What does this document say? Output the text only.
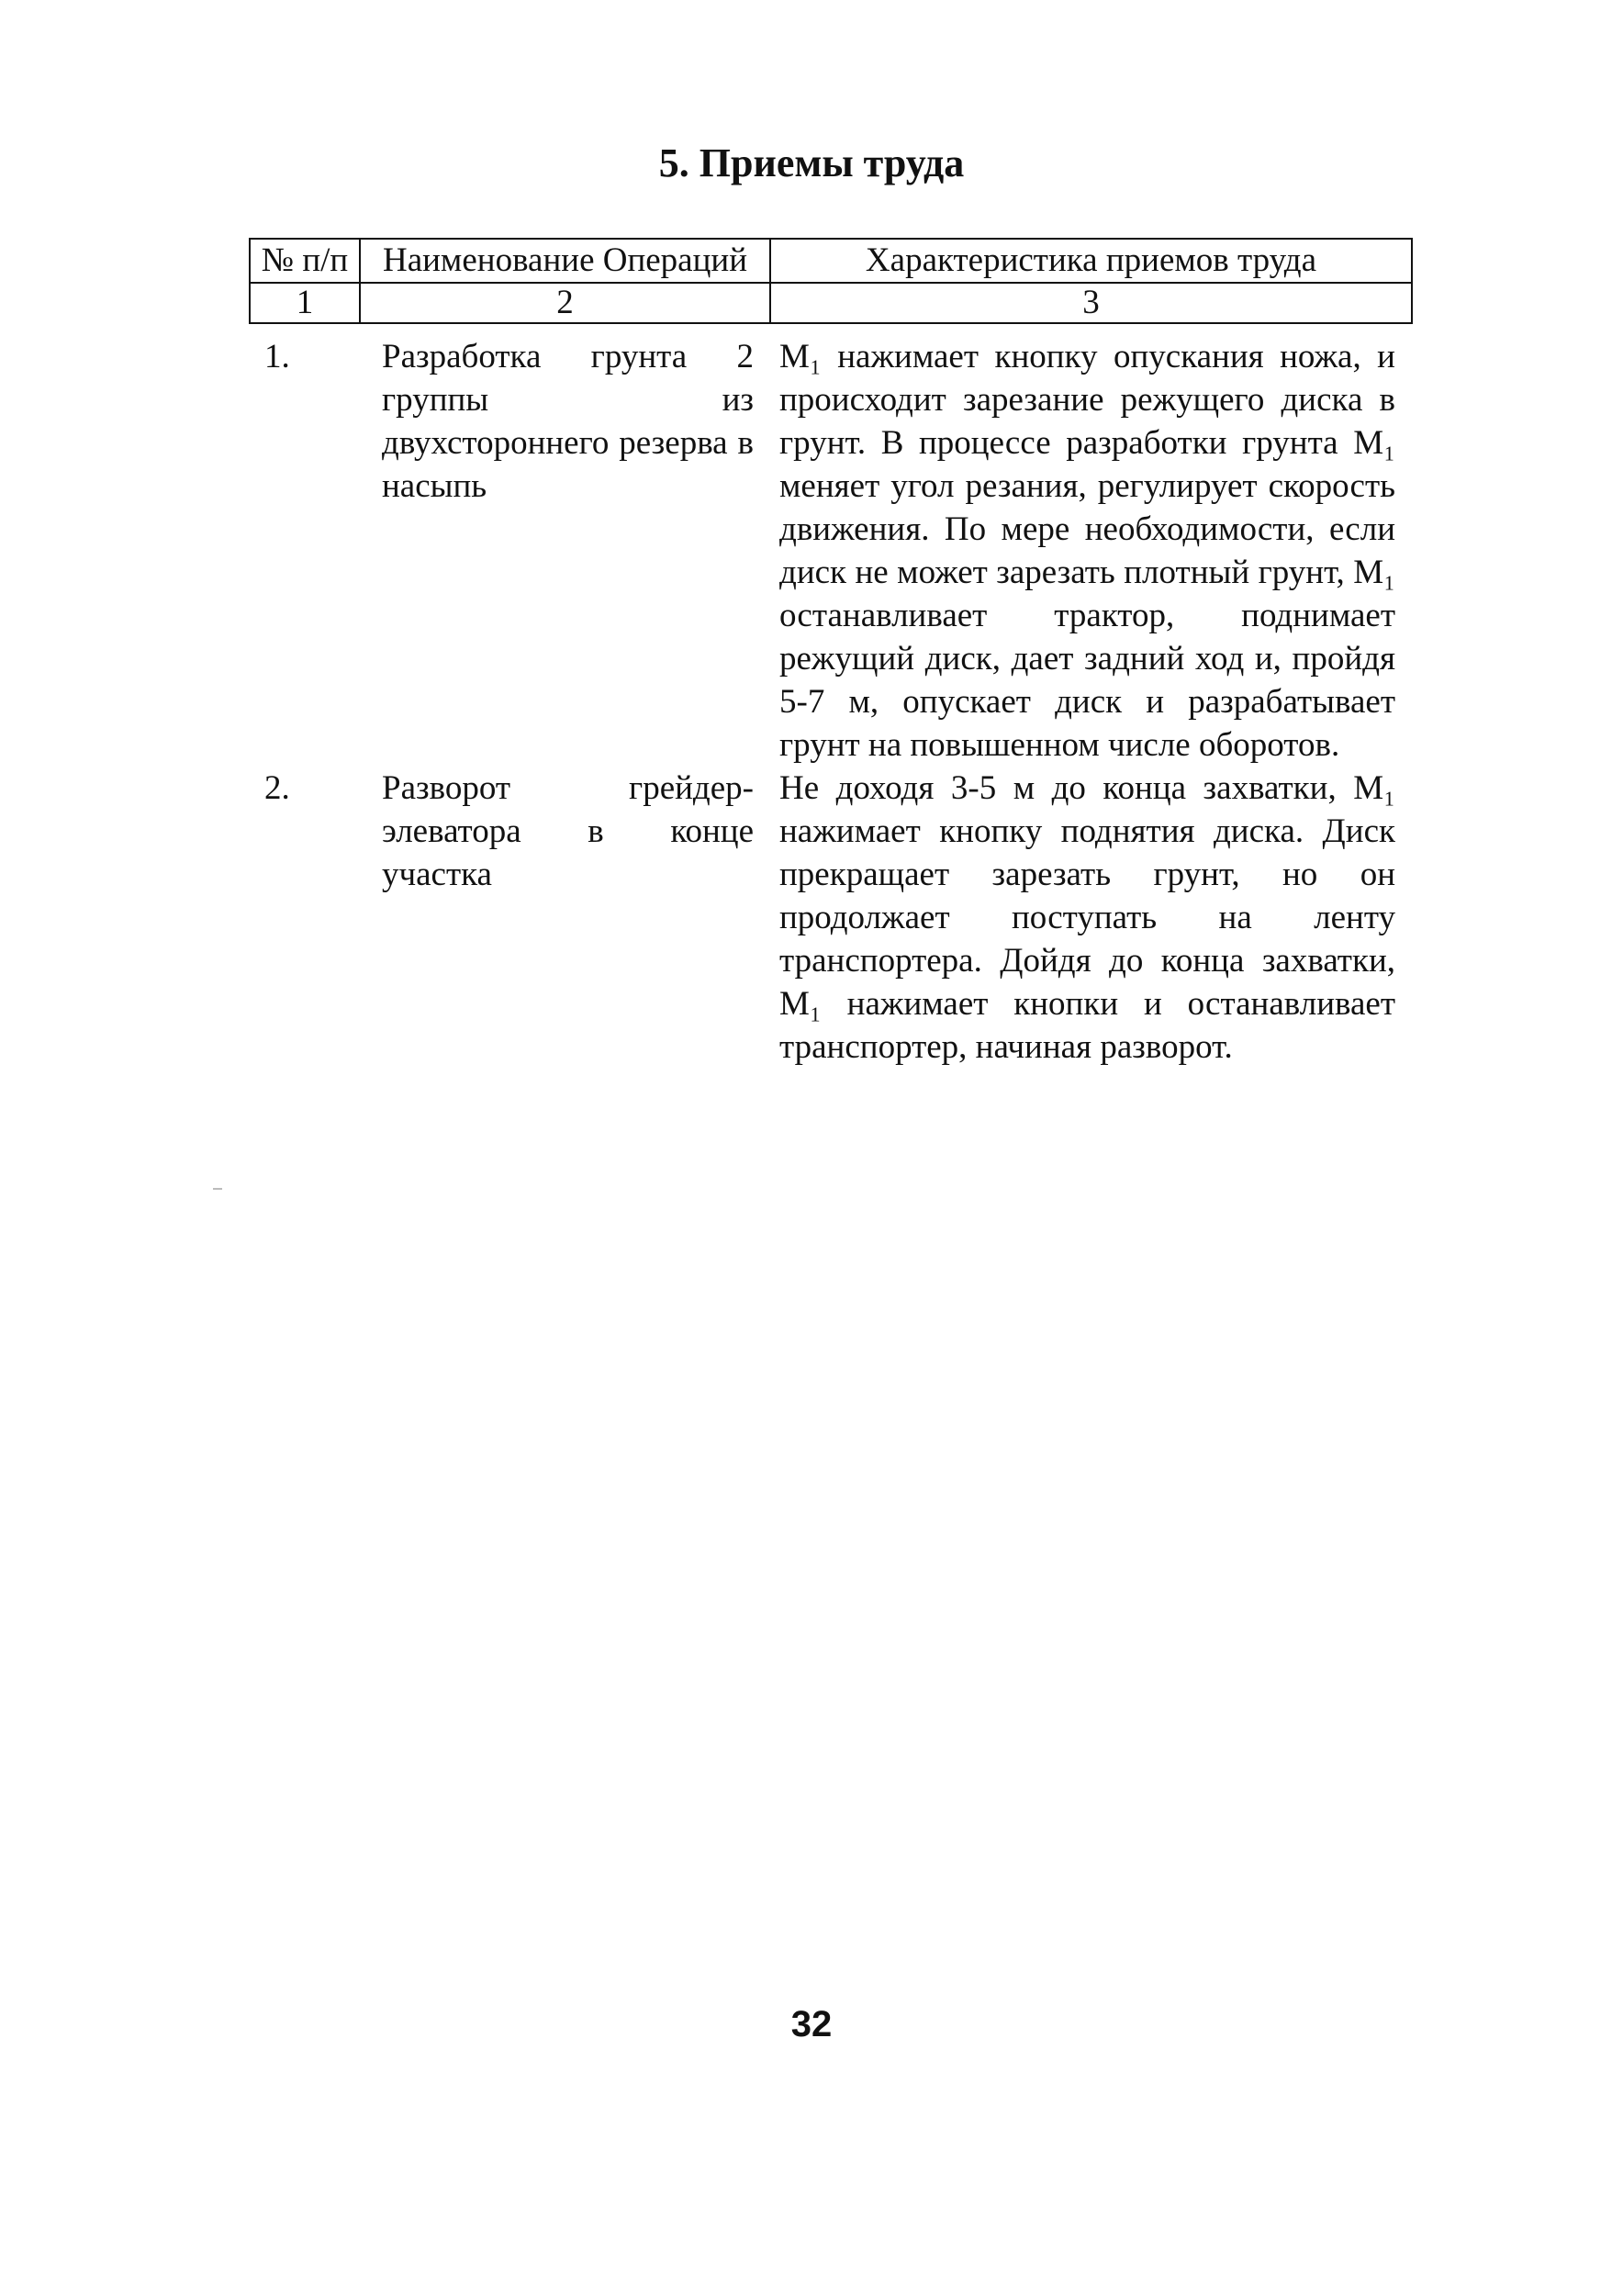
5. Приемы труда
№ п/п	Наименование Операций	Характеристика приемов труда
1	2	3

1.	Разработка грунта 2 группы из двухстороннего резерва в насыпь	M₁ нажимает кнопку опускания ножа, и происходит зарезание режущего диска в грунт. В процессе разработки грунта M₁ меняет угол резания, регулирует скорость движения. По мере необходимости, если диск не может зарезать плотный грунт, M₁ останавливает трактор, поднимает режущий диск, дает задний ход и, пройдя 5-7 м, опускает диск и разрабатывает грунт на повышенном числе оборотов.
2.	Разворот грейдер-элеватора в конце участка	Не доходя 3-5 м до конца захватки, M₁ нажимает кнопку поднятия диска. Диск прекращает зарезать грунт, но он продолжает поступать на ленту транспортера. Дойдя до конца захватки, M₁ нажимает кнопки и останавливает транспортер, начиная разворот.
32
